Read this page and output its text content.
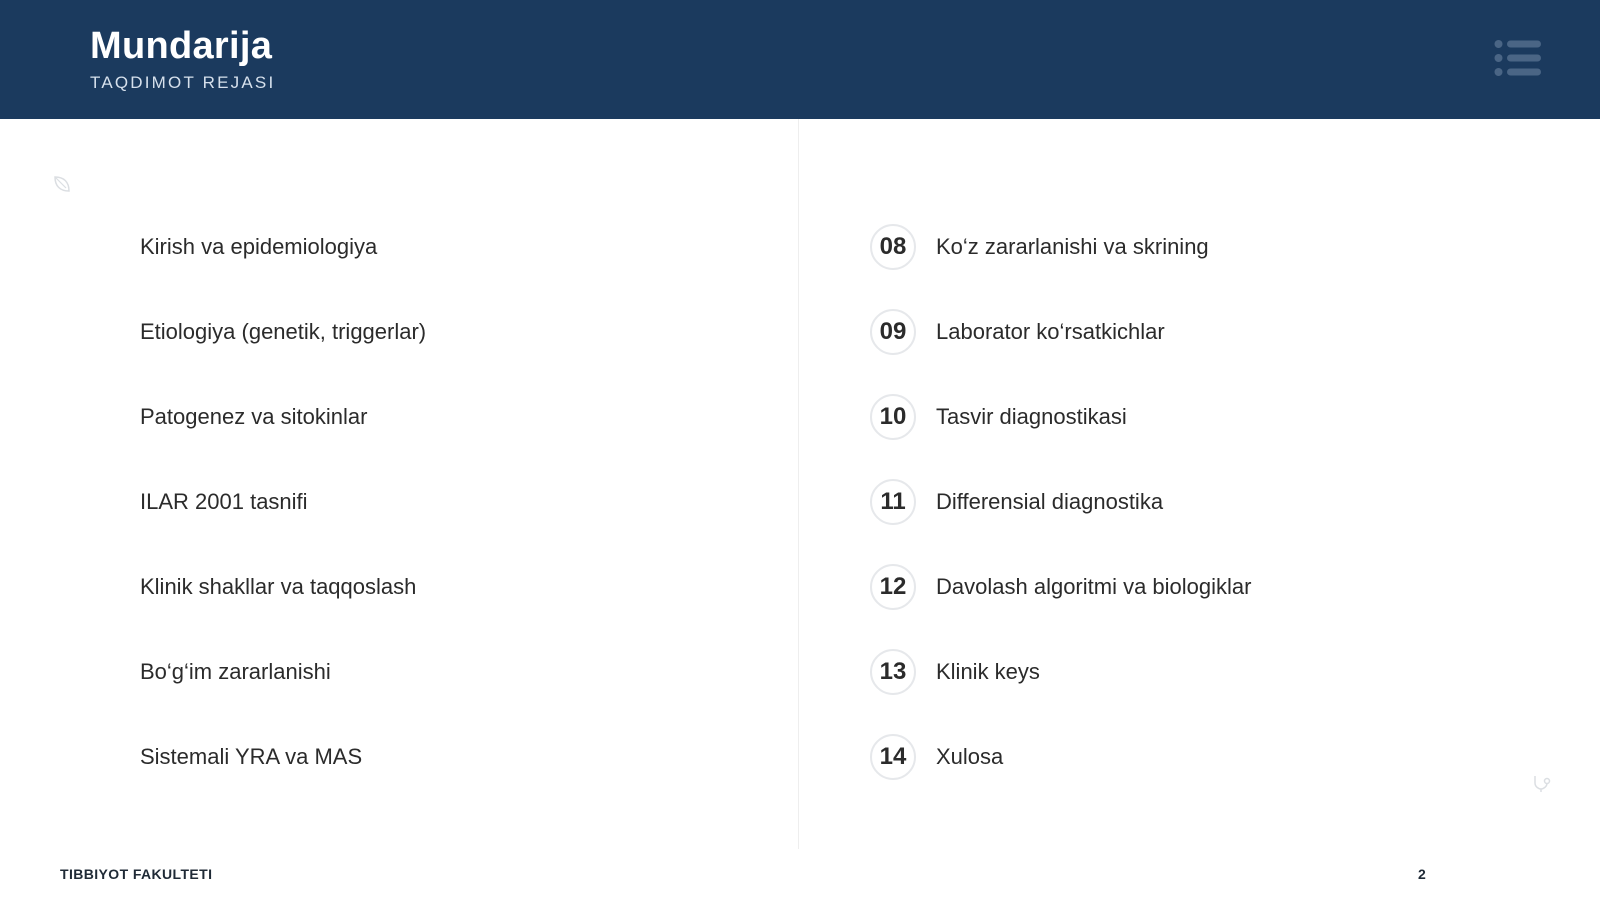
Mundarija
TAQDIMOT REJASI
Kirish va epidemiologiya
Etiologiya (genetik, triggerlar)
Patogenez va sitokinlar
ILAR 2001 tasnifi
Klinik shakllar va taqqoslash
Bo‘g‘im zararlanishi
Sistemali YRA va MAS
08	Ko‘z zararlanishi va skrining
09	Laborator ko‘rsatkichlar
10	Tasvir diagnostikasi
11	Differensial diagnostika
12	Davolash algoritmi va biologiklar
13	Klinik keys
14	Xulosa
TIBBIYOT FAKULTETI	2
